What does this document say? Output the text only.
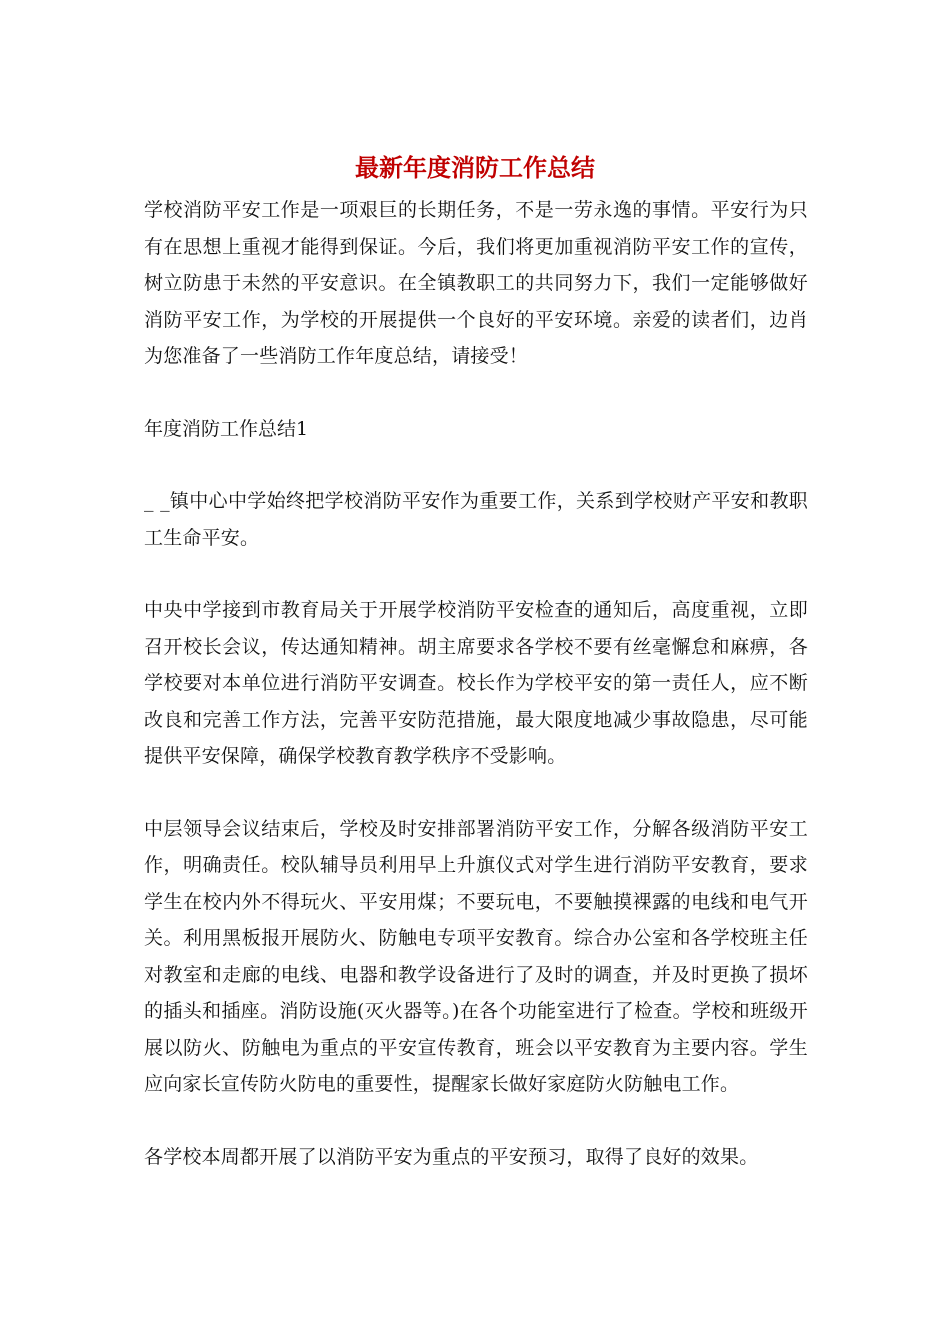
最新年度消防工作总结

学校消防平安工作是一项艰巨的长期任务，不是一劳永逸的事情。平安行为只有在思想上重视才能得到保证。今后，我们将更加重视消防平安工作的宣传，树立防患于未然的平安意识。在全镇教职工的共同努力下，我们一定能够做好消防平安工作，为学校的开展提供一个良好的平安环境。亲爱的读者们，边肖为您准备了一些消防工作年度总结，请接受！

年度消防工作总结1

_ _镇中心中学始终把学校消防平安作为重要工作，关系到学校财产平安和教职工生命平安。

中央中学接到市教育局关于开展学校消防平安检查的通知后，高度重视，立即召开校长会议，传达通知精神。胡主席要求各学校不要有丝毫懈怠和麻痹，各学校要对本单位进行消防平安调查。校长作为学校平安的第一责任人，应不断改良和完善工作方法，完善平安防范措施，最大限度地减少事故隐患，尽可能提供平安保障，确保学校教育教学秩序不受影响。

中层领导会议结束后，学校及时安排部署消防平安工作，分解各级消防平安工作，明确责任。校队辅导员利用早上升旗仪式对学生进行消防平安教育，要求学生在校内外不得玩火、平安用煤；不要玩电，不要触摸裸露的电线和电气开关。利用黑板报开展防火、防触电专项平安教育。综合办公室和各学校班主任对教室和走廊的电线、电器和教学设备进行了及时的调查，并及时更换了损坏的插头和插座。消防设施(灭火器等。)在各个功能室进行了检查。学校和班级开展以防火、防触电为重点的平安宣传教育，班会以平安教育为主要内容。学生应向家长宣传防火防电的重要性，提醒家长做好家庭防火防触电工作。

各学校本周都开展了以消防平安为重点的平安预习，取得了良好的效果。
